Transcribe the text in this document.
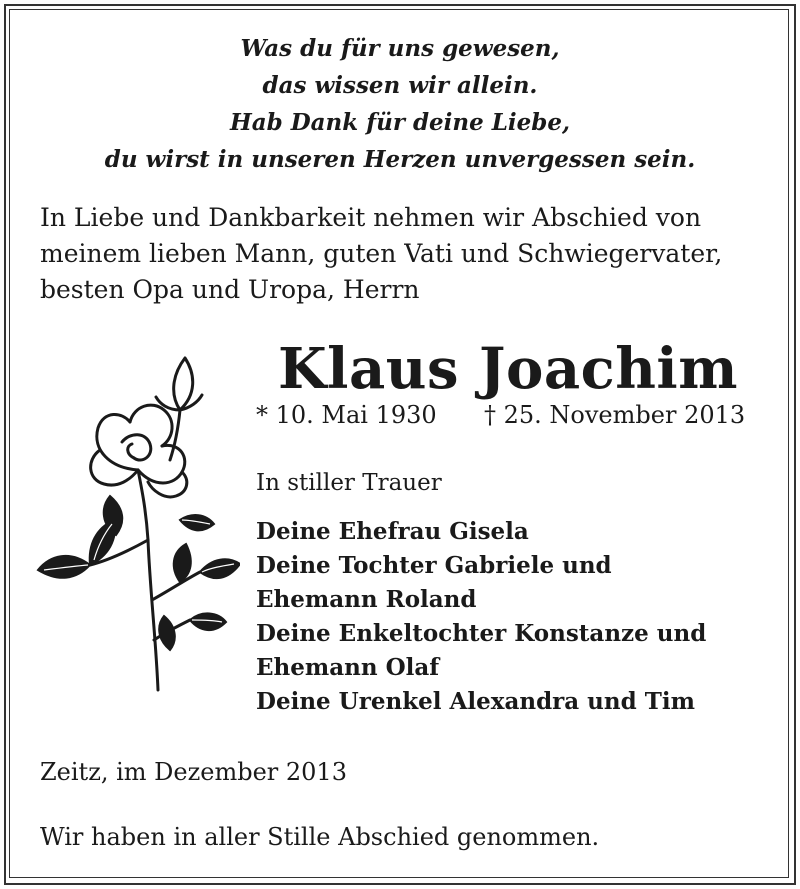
Was du für uns gewesen,
das wissen wir allein.
Hab Dank für deine Liebe,
du wirst in unseren Herzen unvergessen sein.
In Liebe und Dankbarkeit nehmen wir Abschied von
meinem lieben Mann, guten Vati und Schwiegervater,
besten Opa und Uropa, Herrn
Klaus Joachim
* 10. Mai 1930 † 25. November 2013
In stiller Trauer
Deine Ehefrau Gisela
Deine Tochter Gabriele und
Ehemann Roland
Deine Enkeltochter Konstanze und
Ehemann Olaf
Deine Urenkel Alexandra und Tim
Zeitz, im Dezember 2013
Wir haben in aller Stille Abschied genommen.
